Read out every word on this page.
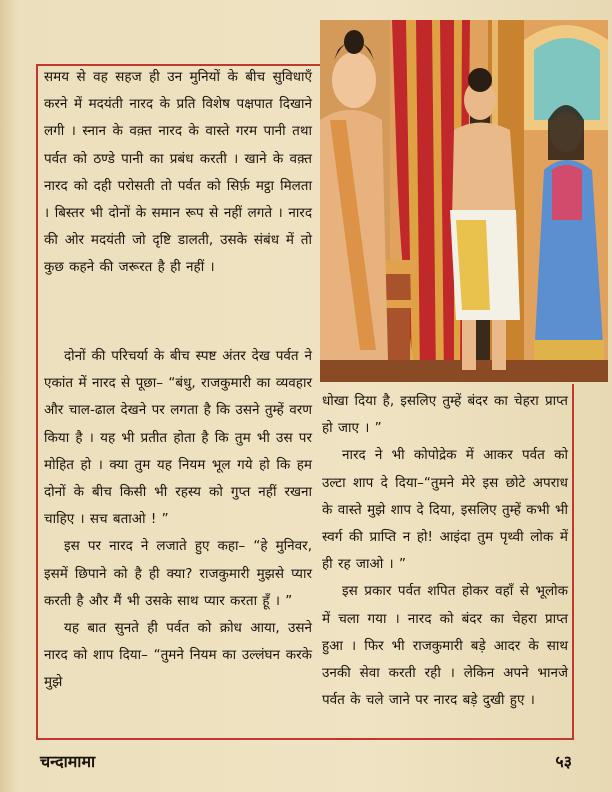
समय से वह सहज ही उन मुनियों के बीच सुविधाएँ करने में मदयंती नारद के प्रति विशेष पक्षपात दिखाने लगी । स्नान के वक़्त नारद के वास्ते गरम पानी तथा पर्वत को ठण्डे पानी का प्रबंध करती । खाने के वक़्त नारद को दही परोसती तो पर्वत को सिर्फ़ मट्ठा मिलता । बिस्तर भी दोनों के समान रूप से नहीं लगते । नारद की ओर मदयंती जो दृष्टि डालती, उसके संबंध में तो कुछ कहने की जरूरत है ही नहीं ।

दोनों की परिचर्या के बीच स्पष्ट अंतर देख पर्वत ने एकांत में नारद से पूछा– “बंधु, राजकुमारी का व्यवहार और चाल-ढाल देखने पर लगता है कि उसने तुम्हें वरण किया है । यह भी प्रतीत होता है कि तुम भी उस पर मोहित हो । क्या तुम यह नियम भूल गये हो कि हम दोनों के बीच किसी भी रहस्य को गुप्त नहीं रखना चाहिए । सच बताओ ! ”

इस पर नारद ने लजाते हुए कहा– “हे मुनिवर, इसमें छिपाने को है ही क्या? राजकुमारी मुझसे प्यार करती है और मैं भी उसके साथ प्यार करता हूँ । ”

यह बात सुनते ही पर्वत को क्रोध आया, उसने नारद को शाप दिया– “तुमने नियम का उल्लंघन करके मुझे

धोखा दिया है, इसलिए तुम्हें बंदर का चेहरा प्राप्त हो जाए । ”

नारद ने भी कोपोद्रेक में आकर पर्वत को उल्टा शाप दे दिया–“तुमने मेरे इस छोटे अपराध के वास्ते मुझे शाप दे दिया, इसलिए तुम्हें कभी भी स्वर्ग की प्राप्ति न हो! आइंदा तुम पृथ्वी लोक में ही रह जाओ । ”

इस प्रकार पर्वत शपित होकर वहाँ से भूलोक में चला गया । नारद को बंदर का चेहरा प्राप्त हुआ । फिर भी राजकुमारी बड़े आदर के साथ उनकी सेवा करती रही । लेकिन अपने भानजे पर्वत के चले जाने पर नारद बड़े दुखी हुए ।

चन्दामामा	५३
